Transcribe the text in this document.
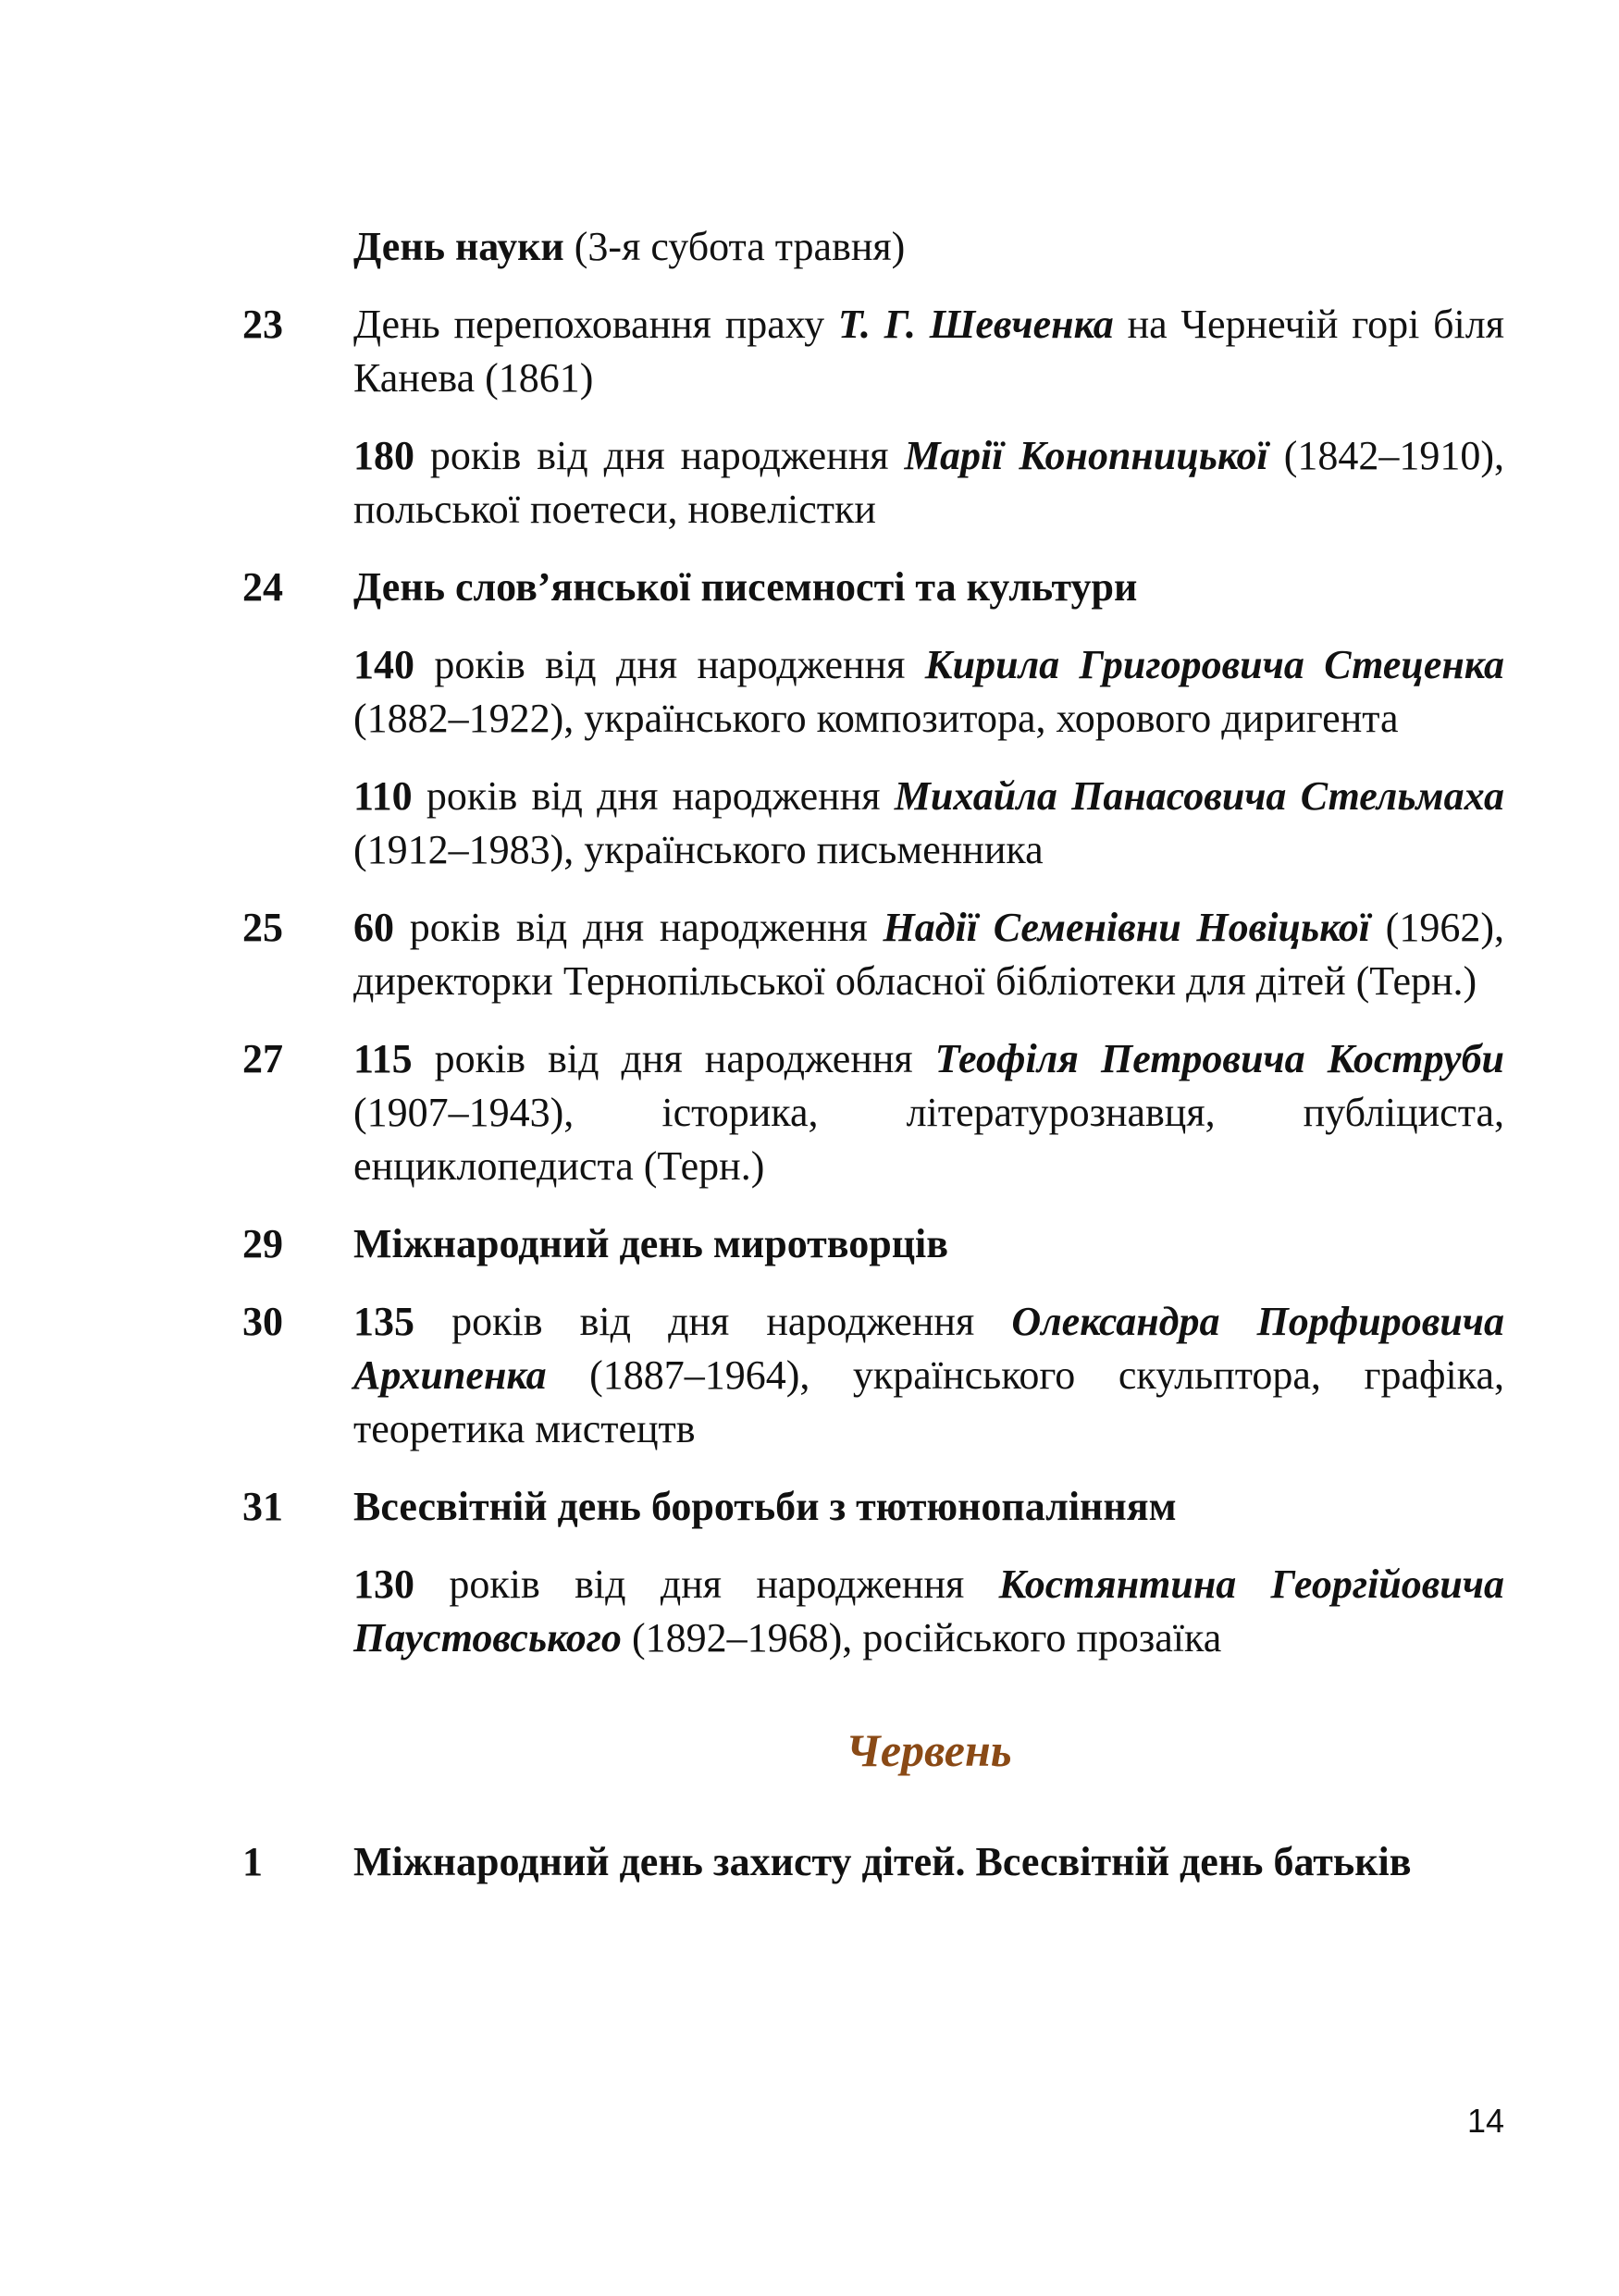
День науки (3-я субота травня)

23	День перепоховання праху Т. Г. Шевченка на Чернечій горі біля Канева (1861)

180 років від дня народження Марії Конопницької (1842–1910), польської поетеси, новелістки

24	День слов’янської писемності та культури

140 років від дня народження Кирила Григоровича Стеценка (1882–1922), українського композитора, хорового диригента

110 років від дня народження Михайла Панасовича Стельмаха (1912–1983), українського письменника

25	60 років від дня народження Надії Семенівни Новіцької (1962), директорки Тернопільської обласної бібліотеки для дітей (Терн.)

27	115 років від дня народження Теофіля Петровича Коструби (1907–1943), історика, літературознавця, публіциста, енциклопедиста (Терн.)

29	Міжнародний день миротворців

30	135 років від дня народження Олександра Порфировича Архипенка (1887–1964), українського скульптора, графіка, теоретика мистецтв

31	Всесвітній день боротьби з тютюнопалінням

130 років від дня народження Костянтина Георгійовича Паустовського (1892–1968), російського прозаїка

Червень
1	Міжнародний день захисту дітей. Всесвітній день батьків

14
